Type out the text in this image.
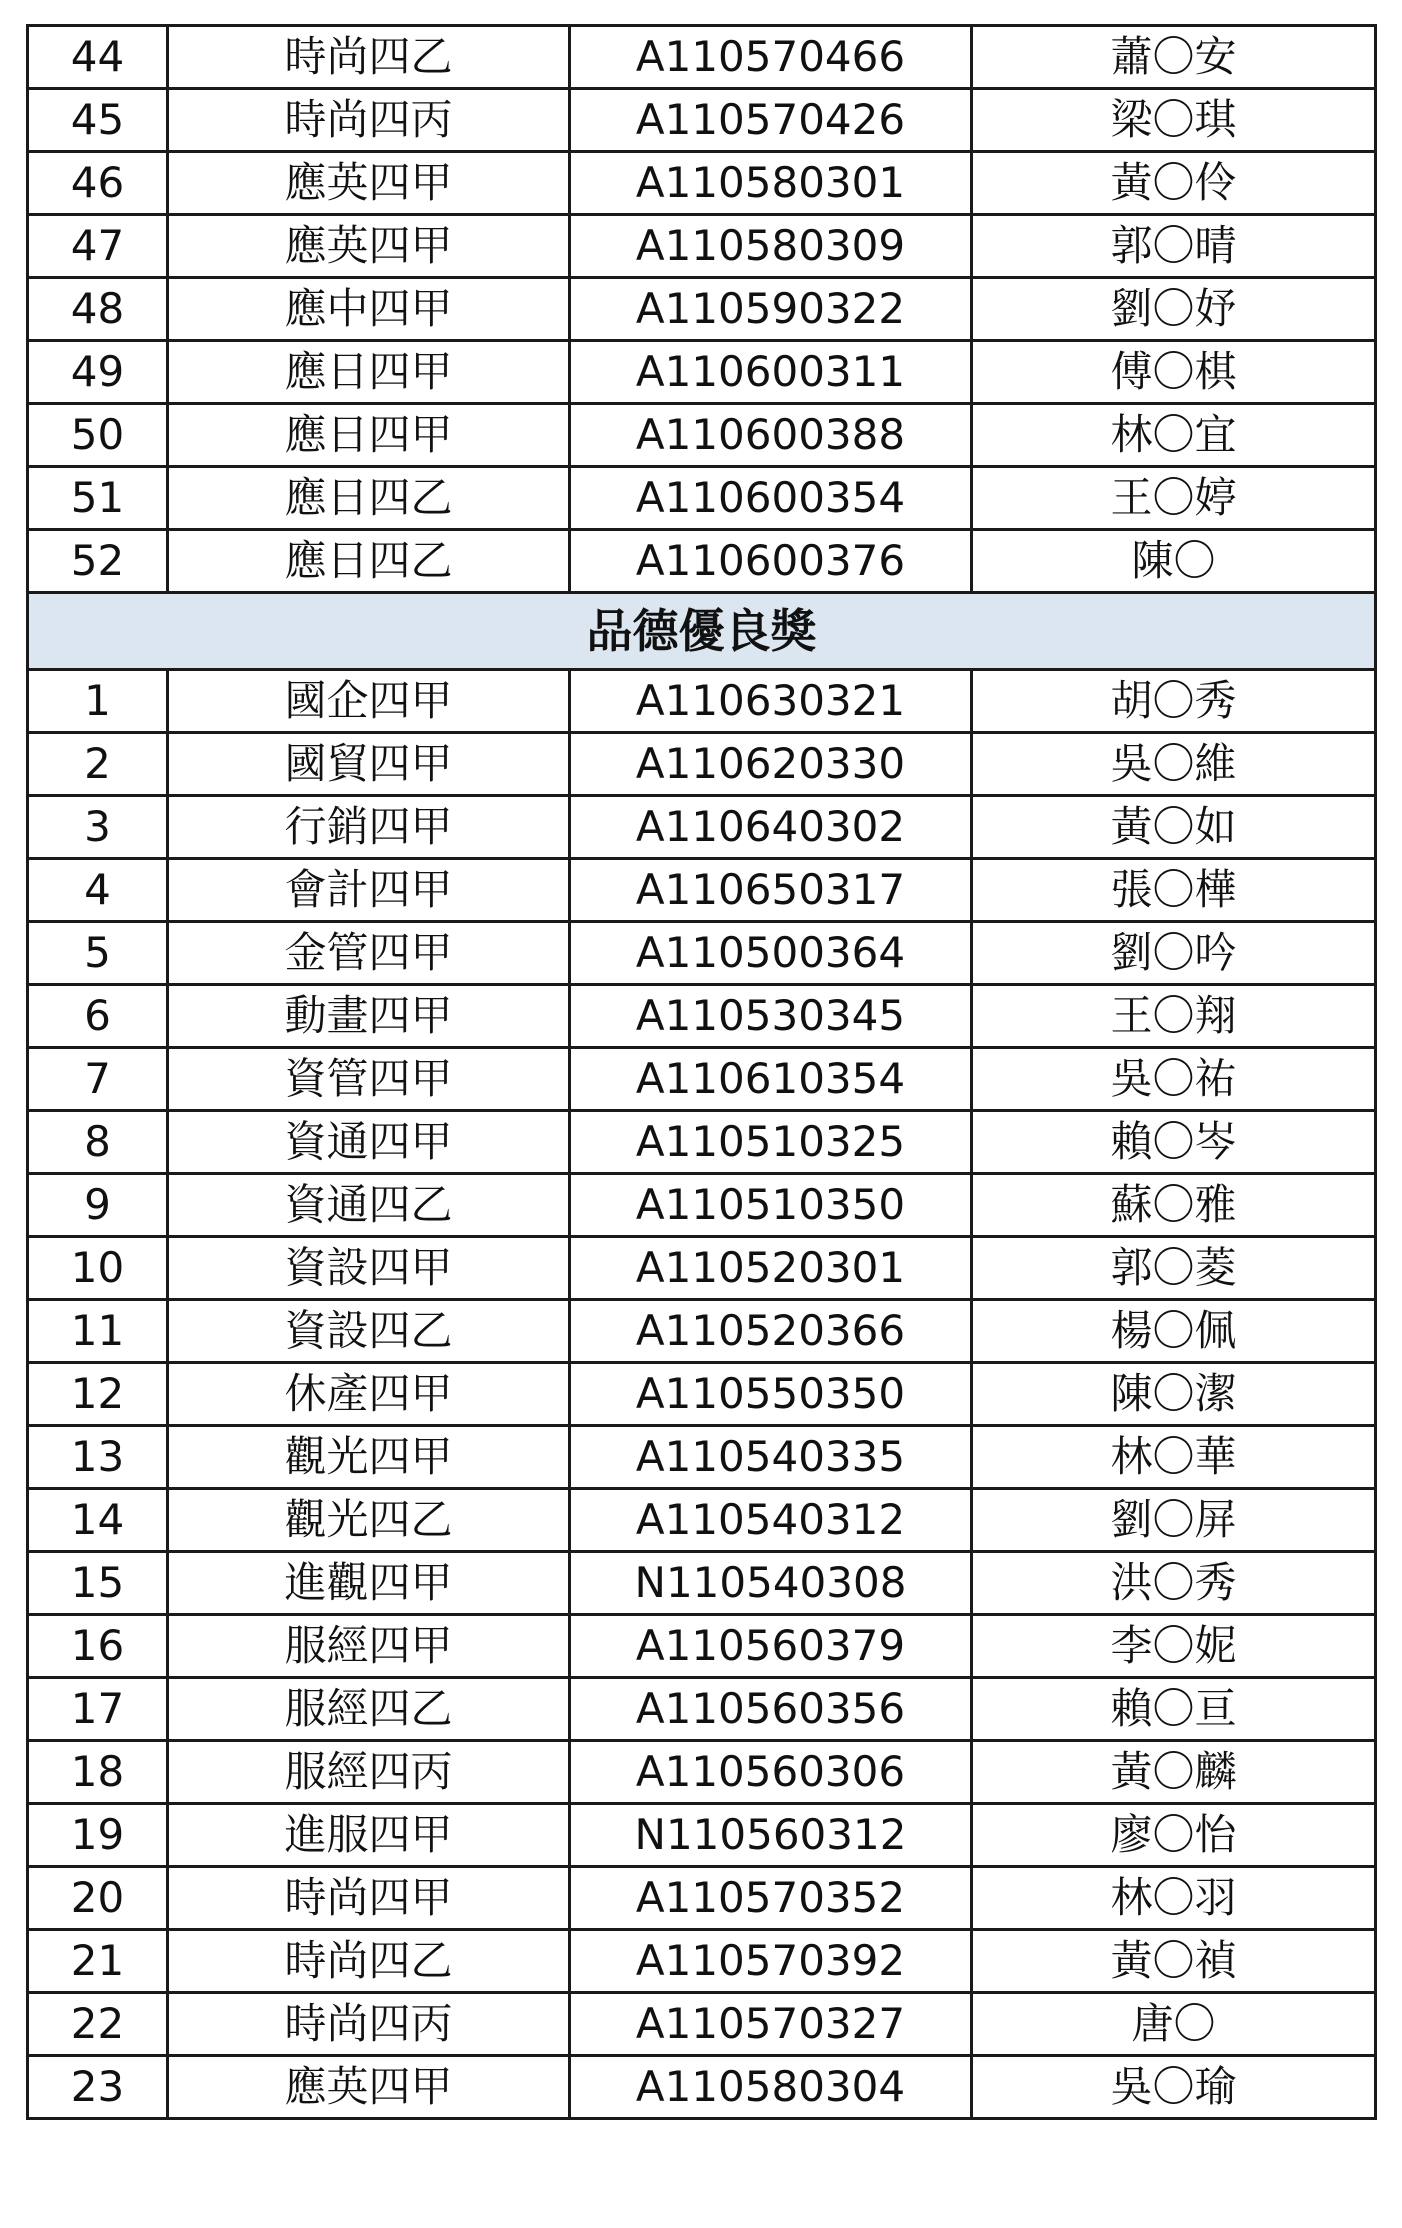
44	時尚四乙	A110570466	蕭〇安
45	時尚四丙	A110570426	梁〇琪
46	應英四甲	A110580301	黃〇伶
47	應英四甲	A110580309	郭〇晴
48	應中四甲	A110590322	劉〇妤
49	應日四甲	A110600311	傅〇棋
50	應日四甲	A110600388	林〇宜
51	應日四乙	A110600354	王〇婷
52	應日四乙	A110600376	陳〇
品德優良獎			
1	國企四甲	A110630321	胡〇秀
2	國貿四甲	A110620330	吳〇維
3	行銷四甲	A110640302	黃〇如
4	會計四甲	A110650317	張〇樺
5	金管四甲	A110500364	劉〇吟
6	動畫四甲	A110530345	王〇翔
7	資管四甲	A110610354	吳〇祐
8	資通四甲	A110510325	賴〇岑
9	資通四乙	A110510350	蘇〇雅
10	資設四甲	A110520301	郭〇菱
11	資設四乙	A110520366	楊〇佩
12	休產四甲	A110550350	陳〇潔
13	觀光四甲	A110540335	林〇華
14	觀光四乙	A110540312	劉〇屏
15	進觀四甲	N110540308	洪〇秀
16	服經四甲	A110560379	李〇妮
17	服經四乙	A110560356	賴〇亘
18	服經四丙	A110560306	黃〇麟
19	進服四甲	N110560312	廖〇怡
20	時尚四甲	A110570352	林〇羽
21	時尚四乙	A110570392	黃〇禎
22	時尚四丙	A110570327	唐〇
23	應英四甲	A110580304	吳〇瑜
